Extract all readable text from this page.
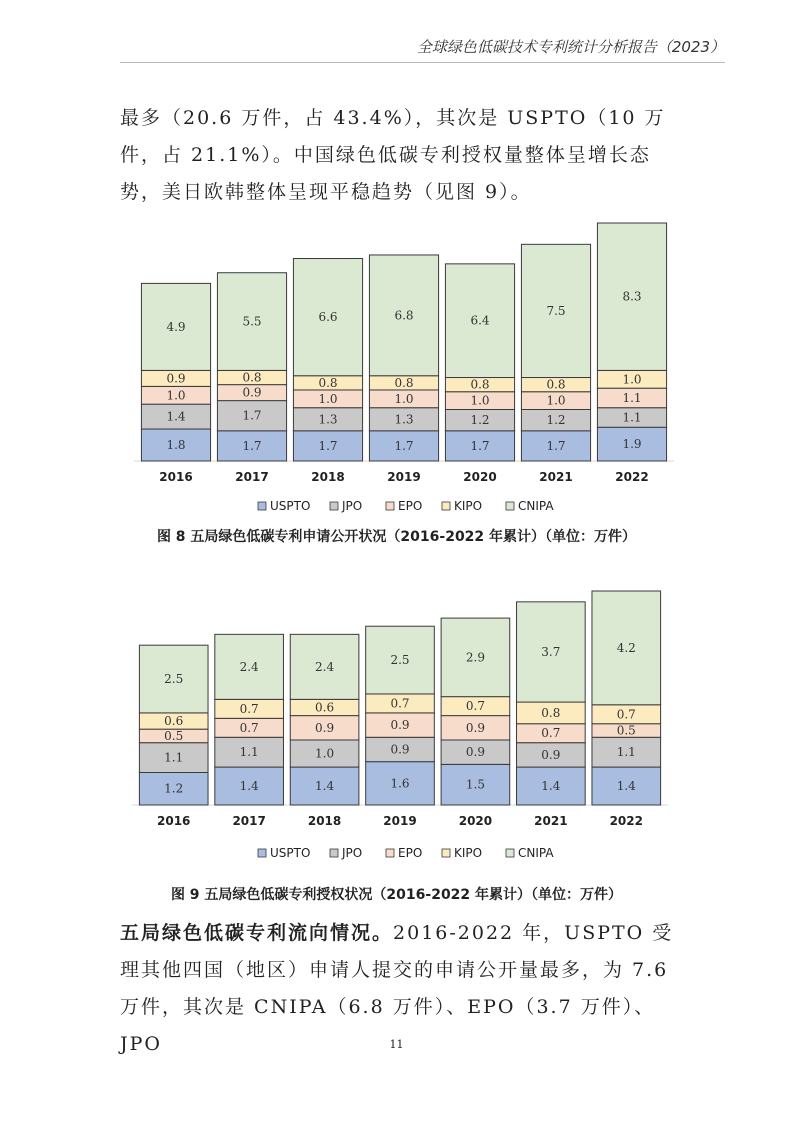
全球绿色低碳技术专利统计分析报告（2023）

最多（20.6 万件，占 43.4%），其次是 USPTO（10 万件，占 21.1%）。中国绿色低碳专利授权量整体呈增长态势，美日欧韩整体呈现平稳趋势（见图 9）。

1.8
1.4
1.0
0.9
4.9
2016
1.7
1.7
0.9
0.8
5.5
2017
1.7
1.3
1.0
0.8
6.6
2018
1.7
1.3
1.0
0.8
6.8
2019
1.7
1.2
1.0
0.8
6.4
2020
1.7
1.2
1.0
0.8
7.5
2021
1.9
1.1
1.1
1.0
8.3
2022
USPTO	JPO	EPO	KIPO	CNIPA
图 8 五局绿色低碳专利申请公开状况（2016-2022 年累计）（单位：万件）
1.2
1.1
0.5
0.6
2.5
2016
1.4
1.1
0.7
0.7
2.4
2017
1.4
1.0
0.9
0.6
2.4
2018
1.6
0.9
0.9
0.7
2.5
2019
1.5
0.9
0.9
0.7
2.9
2020
1.4
0.9
0.7
0.8
3.7
2021
1.4
1.1
0.5
0.7
4.2
2022
USPTO	JPO	EPO	KIPO	CNIPA
图 9 五局绿色低碳专利授权状况（2016-2022 年累计）（单位：万件）

五局绿色低碳专利流向情况。2016-2022 年，USPTO 受理其他四国（地区）申请人提交的申请公开量最多，为 7.6 万件，其次是 CNIPA（6.8 万件）、EPO（3.7 万件）、JPO	11
